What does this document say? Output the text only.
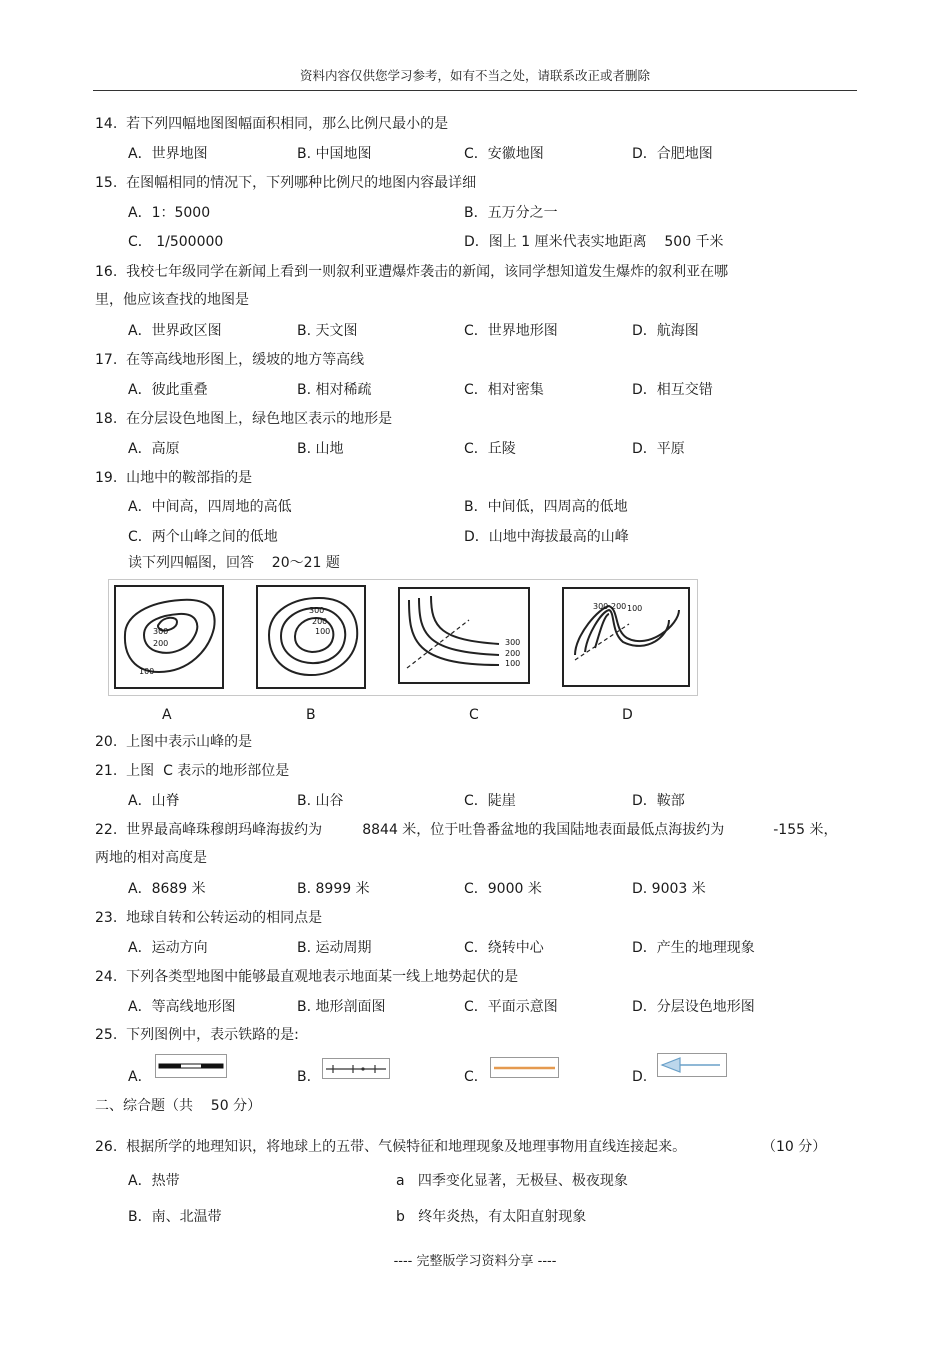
资料内容仅供您学习参考，如有不当之处，请联系改正或者删除
14.  若下列四幅地图图幅面积相同，那么比例尺最小的是
A．世界地图	B. 中国地图	C．安徽地图	D．合肥地图
15.  在图幅相同的情况下，下列哪种比例尺的地图内容最详细
A．1：5000	B．五万分之一
C． 1/500000	D．图上 1 厘米代表实地距离    500 千米
16.  我校七年级同学在新闻上看到一则叙利亚遭爆炸袭击的新闻，该同学想知道发生爆炸的叙利亚在哪
里，他应该查找的地图是
A．世界政区图	B. 天文图	C．世界地形图	D．航海图
17.  在等高线地形图上，缓坡的地方等高线
A．彼此重叠	B. 相对稀疏	C．相对密集	D．相互交错
18.  在分层设色地图上，绿色地区表示的地形是
A．高原	B. 山地	C．丘陵	D．平原
19.  山地中的鞍部指的是
A．中间高，四周地的高低	B．中间低，四周高的低地
C．两个山峰之间的低地	D．山地中海拔最高的山峰
读下列四幅图，回答    20～21 题
300
200
100
300
200
100
300
200
100
300 200 100
A	B	C	D
20.  上图中表示山峰的是
21.  上图  C 表示的地形部位是
A．山脊	B. 山谷	C．陡崖	D．鞍部
22.  世界最高峰珠穆朗玛峰海拔约为         8844 米，位于吐鲁番盆地的我国陆地表面最低点海拔约为           -155 米，
两地的相对高度是
A．8689 米	B. 8999 米	C．9000 米	D. 9003 米
23.  地球自转和公转运动的相同点是
A．运动方向	B. 运动周期	C．绕转中心	D．产生的地理现象
24.  下列各类型地图中能够最直观地表示地面某一线上地势起伏的是
A．等高线地形图	B. 地形剖面图	C．平面示意图	D．分层设色地形图
25.  下列图例中，表示铁路的是:
A．	B.	C．	D.
二、综合题（共    50 分）
26.  根据所学的地理知识，将地球上的五带、气候特征和地理现象及地理事物用直线连接起来。	（10 分）
A．热带	a   四季变化显著，无极昼、极夜现象
B．南、北温带	b   终年炎热，有太阳直射现象
---- 完整版学习资料分享 ----
